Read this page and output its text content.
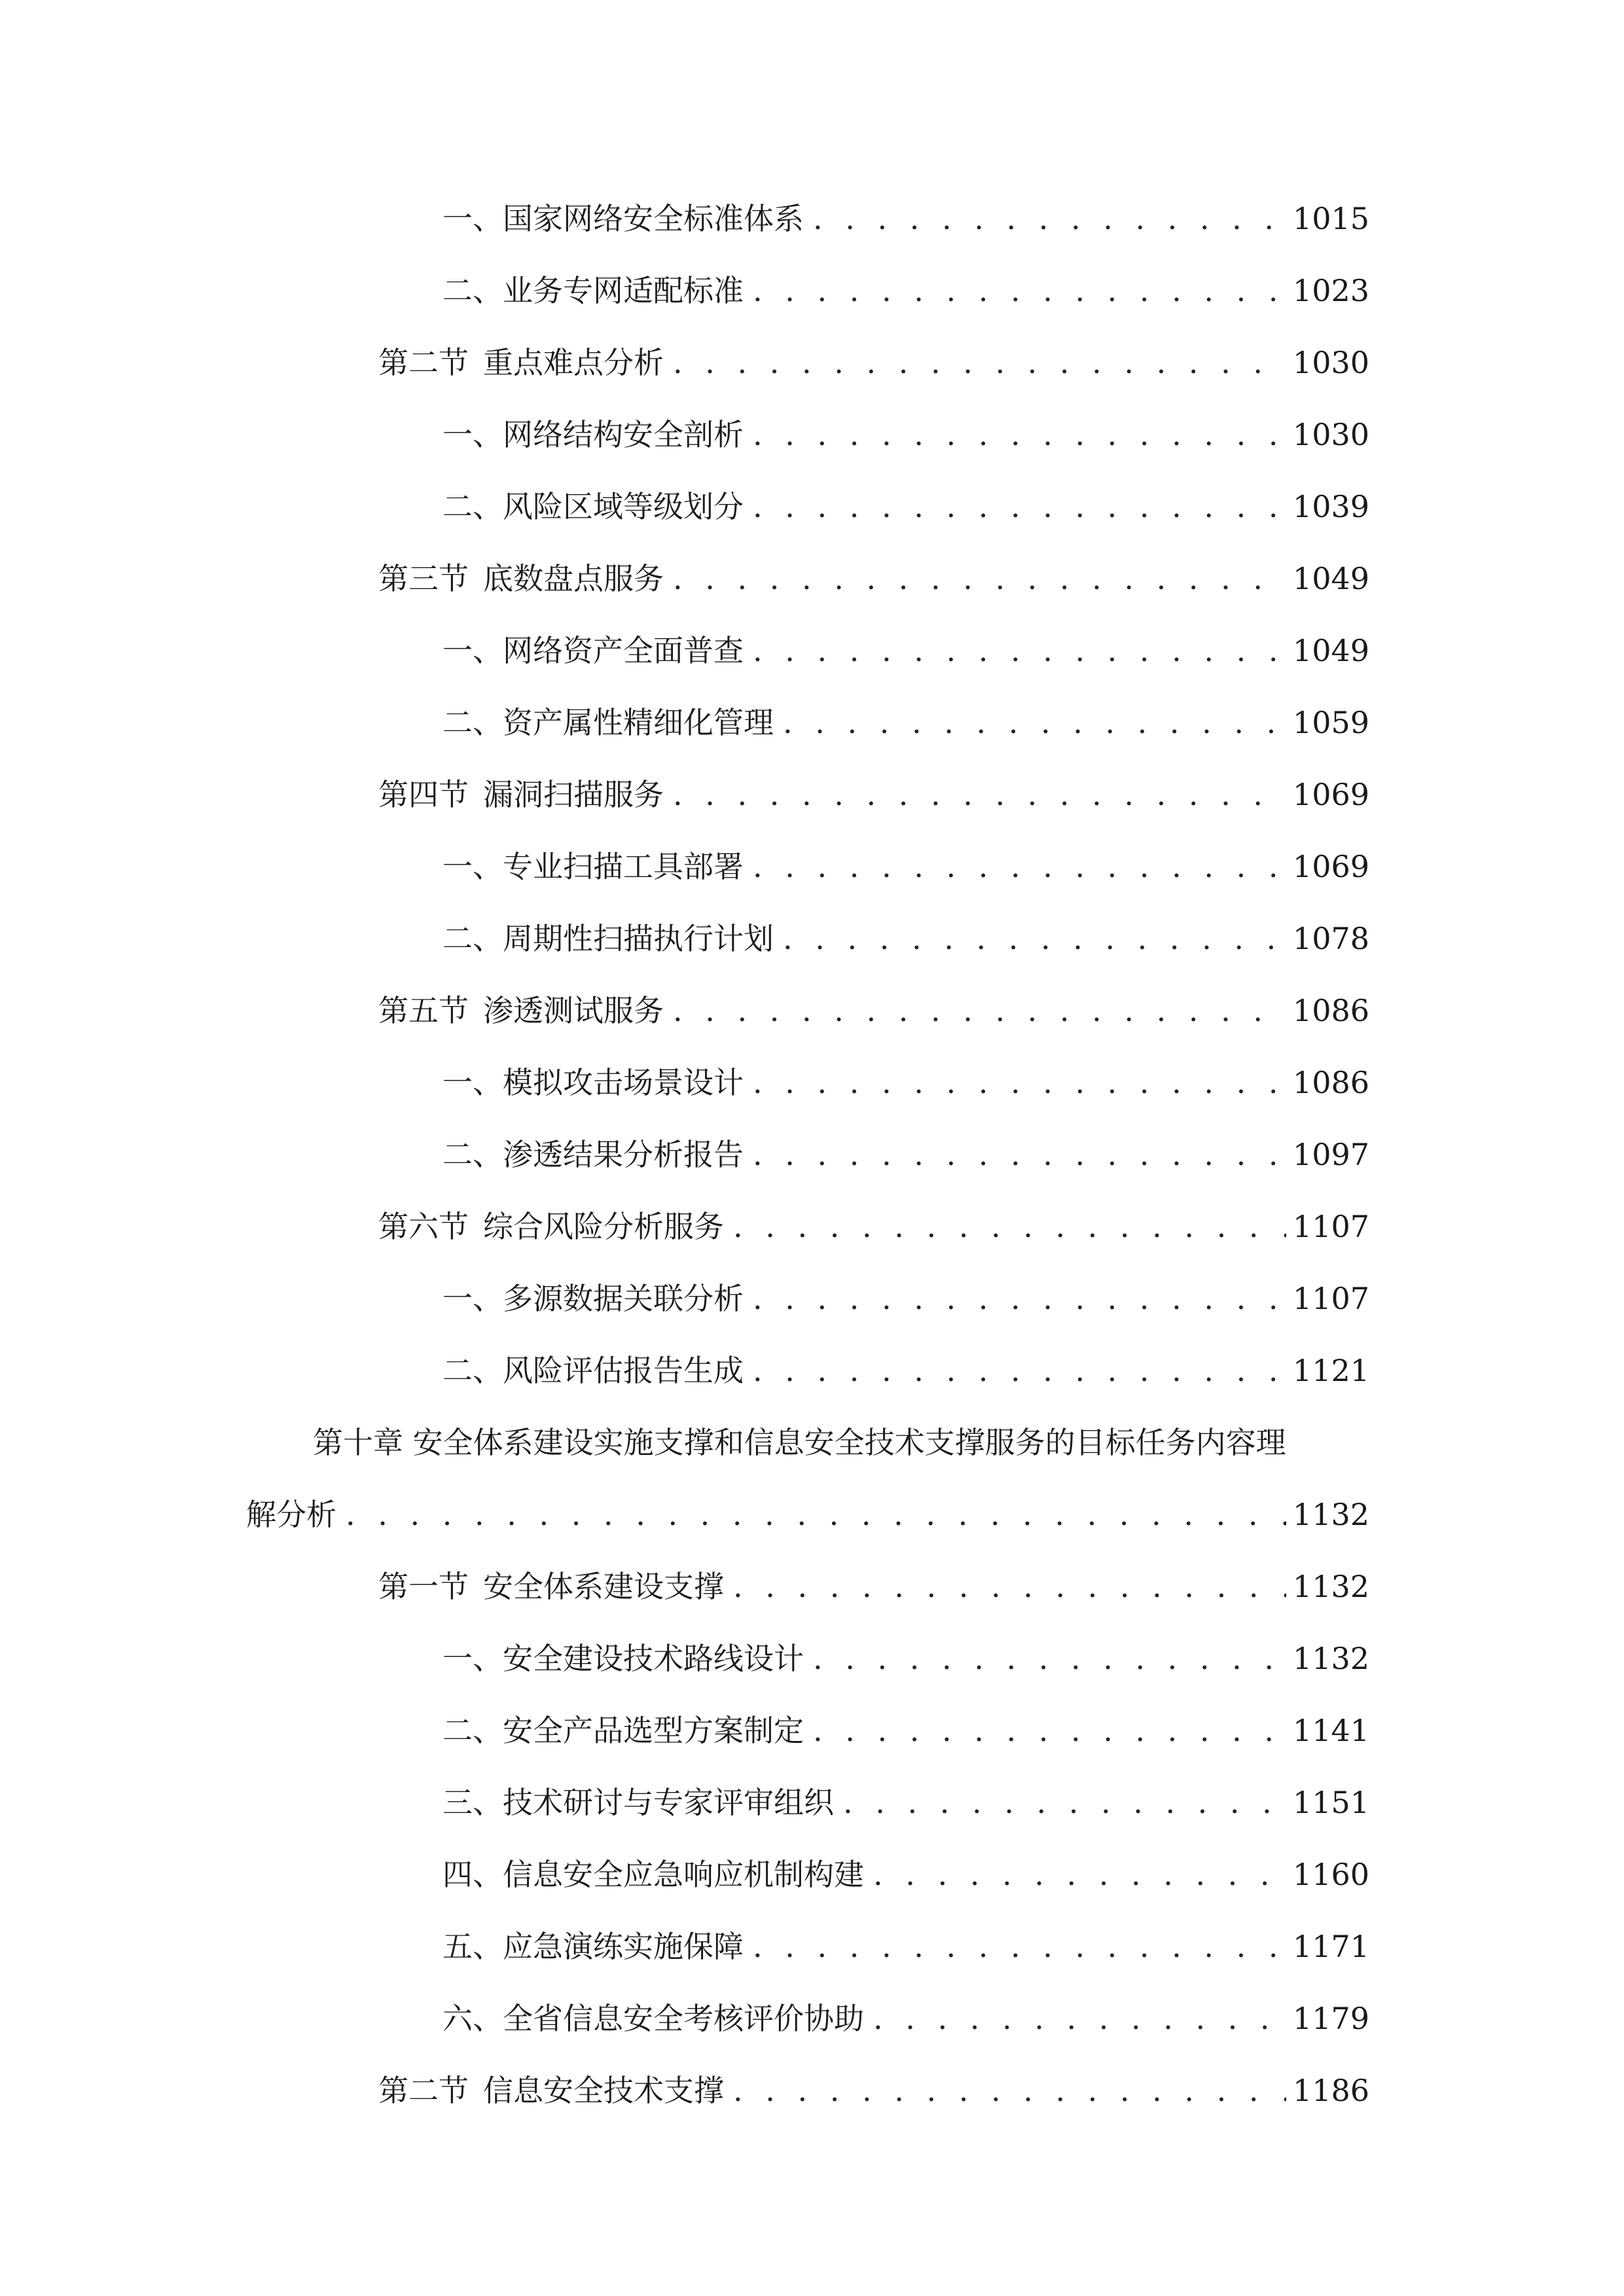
一、 国家网络安全标准体系 . . .	1015
二、 业务专网适配标准 . . .	1023
第二节 重点难点分析 . . .	1030
一、 网络结构安全剖析 . . .	1030
二、 风险区域等级划分 . . .	1039
第三节 底数盘点服务 . . .	1049
一、 网络资产全面普查 . . .	1049
二、 资产属性精细化管理 . . .	1059
第四节 漏洞扫描服务 . . .	1069
一、 专业扫描工具部署 . . .	1069
二、 周期性扫描执行计划 . . .	1078
第五节 渗透测试服务 . . .	1086
一、 模拟攻击场景设计 . . .	1086
二、 渗透结果分析报告 . . .	1097
第六节 综合风险分析服务 . . .	1107
一、 多源数据关联分析 . . .	1107
二、 风险评估报告生成 . . .	1121
第十章 安全体系建设实施支撑和信息安全技术支撑服务的目标任务内容理
解分析 . . .	1132
第一节 安全体系建设支撑 . . .	1132
一、 安全建设技术路线设计 . . .	1132
二、 安全产品选型方案制定 . . .	1141
三、 技术研讨与专家评审组织 . . .	1151
四、 信息安全应急响应机制构建 . . .	1160
五、 应急演练实施保障 . . .	1171
六、 全省信息安全考核评价协助 . . .	1179
第二节 信息安全技术支撑 . . .	1186
